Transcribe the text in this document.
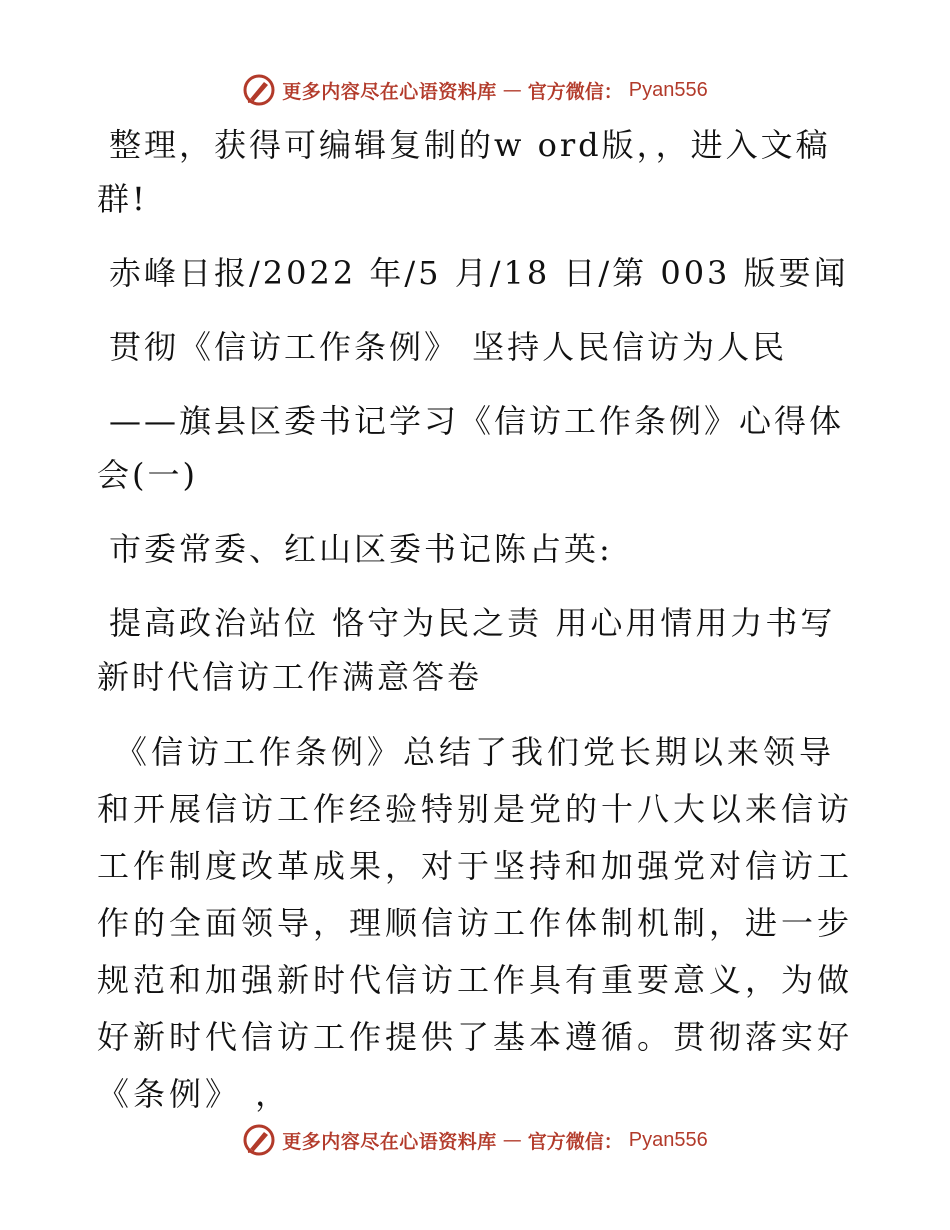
更多内容尽在心语资料库 — 官方微信： Pyan556

整理，获得可编辑复制的w ord版，，进入文稿群!

赤峰日报/2022 年/5 月/18 日/第 003 版要闻

贯彻《信访工作条例》 坚持人民信访为人民

——旗县区委书记学习《信访工作条例》心得体会(一)

市委常委、红山区委书记陈占英:

提高政治站位 恪守为民之责 用心用情用力书写新时代信访工作满意答卷

《信访工作条例》总结了我们党长期以来领导和开展信访工作经验特别是党的十八大以来信访工作制度改革成果，对于坚持和加强党对信访工作的全面领导，理顺信访工作体制机制，进一步规范和加强新时代信访工作具有重要意义，为做好新时代信访工作提供了基本遵循。贯彻落实好《条例》 ，

更多内容尽在心语资料库 — 官方微信： Pyan556
